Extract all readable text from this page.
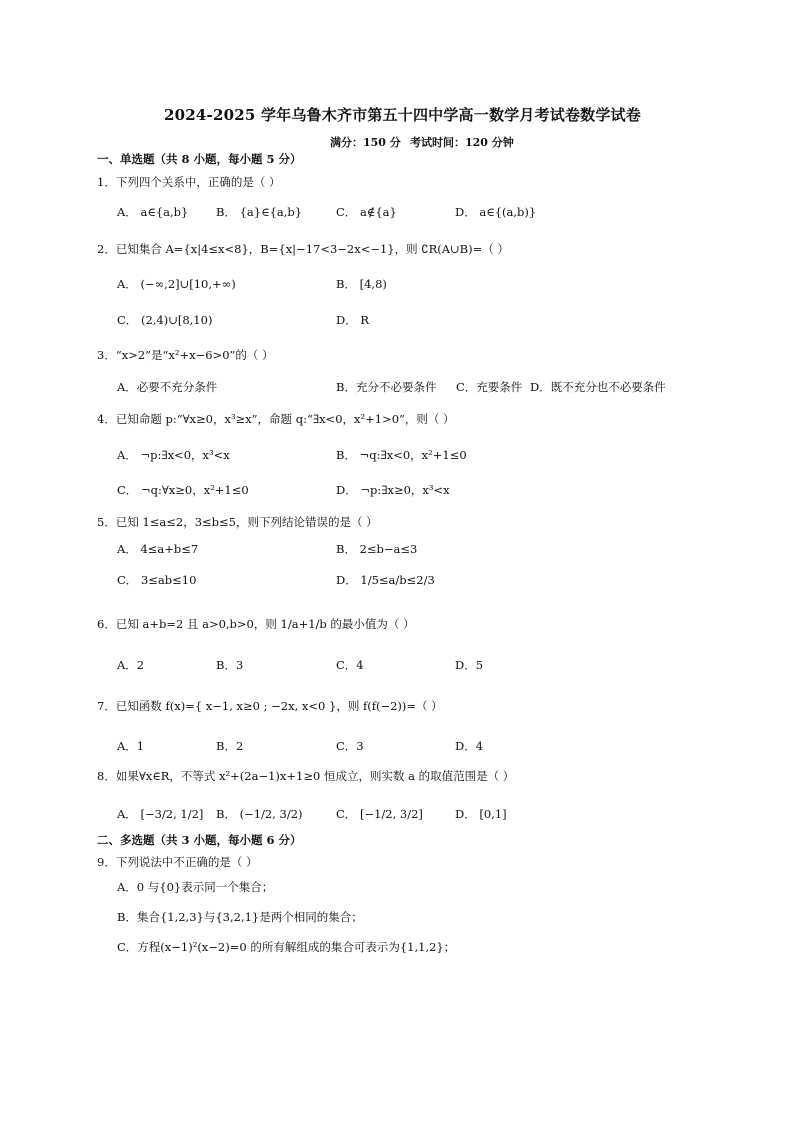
2024-2025 学年乌鲁木齐市第五十四中学高一数学月考试卷数学试卷
满分：150 分 考试时间：120 分钟
一、单选题（共 8 小题，每小题 5 分）
1．下列四个关系中，正确的是（ ）
A． a∈{a,b} B． {a}∈{a,b}	C． a∉{a}	D． a∈{(a,b)}
2．已知集合 A={x|4≤x<8}，B={x|−17<3−2x<−1}，则 ∁R(A∪B)=（ ）
A． (−∞,2]∪[10,+∞)	B． [4,8)
C． (2,4)∪[8,10)	D． R
3．“x>2”是“x²+x−6>0”的（ ）
A．必要不充分条件	B．充分不必要条件 C．充要条件 D．既不充分也不必要条件
4．已知命题 p:“∀x≥0，x³≥x”，命题 q:“∃x<0，x²+1>0”，则（ ）
A． ¬p:∃x<0，x³<x	B． ¬q:∃x<0，x²+1≤0
C． ¬q:∀x≥0，x²+1≤0	D． ¬p:∃x≥0，x³<x
5．已知 1≤a≤2，3≤b≤5，则下列结论错误的是（ ）
A． 4≤a+b≤7	B． 2≤b−a≤3
C． 3≤ab≤10	D． 1/5≤a/b≤2/3
6．已知 a+b=2 且 a>0,b>0，则 1/a+1/b 的最小值为（ ）
A．2	B．3	C．4	D．5
7．已知函数 f(x)={ x−1, x≥0 ; −2x, x<0 }，则 f(f(−2))=（ ）
A．1	B．2	C．3	D．4
8．如果∀x∈R，不等式 x²+(2a−1)x+1≥0 恒成立，则实数 a 的取值范围是（ ）
A． [−3/2, 1/2] B． (−1/2, 3/2)	C． [−1/2, 3/2]	D． [0,1]
二、多选题（共 3 小题，每小题 6 分）
9．下列说法中不正确的是（ ）
A．0 与{0}表示同一个集合；
B．集合{1,2,3}与{3,2,1}是两个相同的集合；
C．方程(x−1)²(x−2)=0 的所有解组成的集合可表示为{1,1,2}；
